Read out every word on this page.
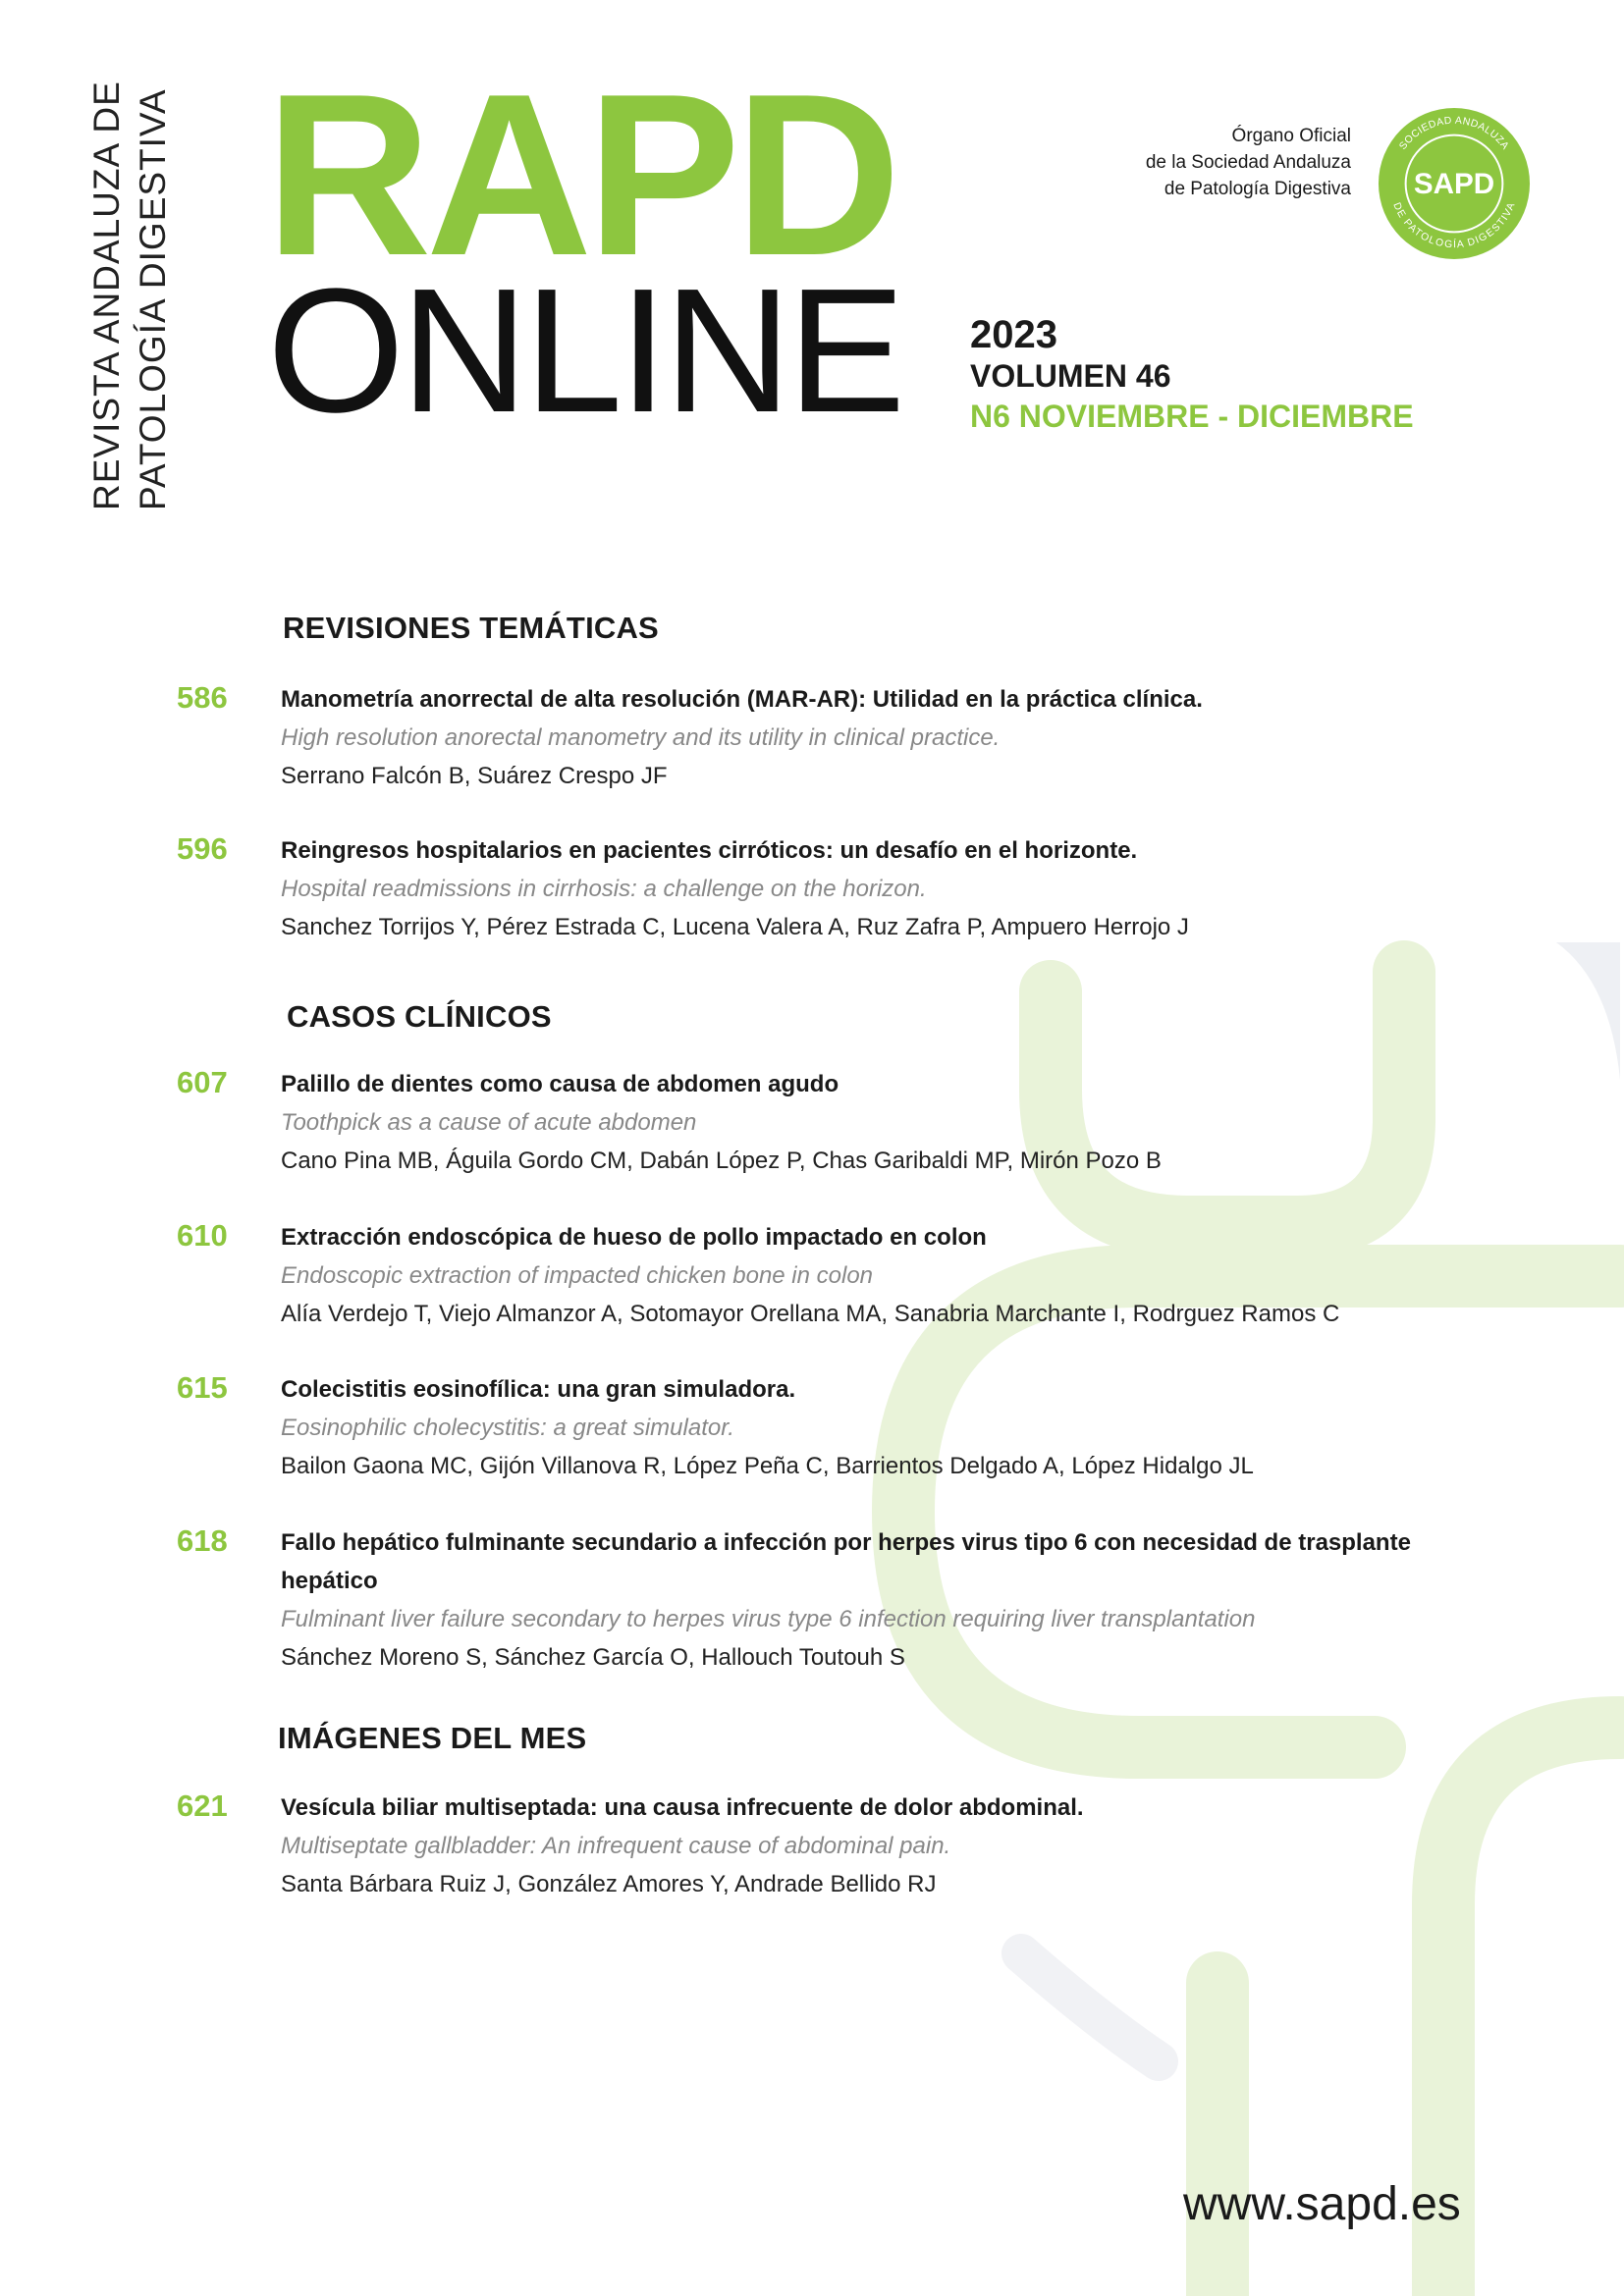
REVISTA ANDALUZA DE PATOLOGÍA DIGESTIVA RAPD
ONLINE
Órgano Oficial
de la Sociedad Andaluza
de Patología Digestiva
SOCIEDAD ANDALUZA
DE PATOLOGÍA DIGESTIVA
SAPD
2023
VOLUMEN 46
N6 NOVIEMBRE - DICIEMBRE
REVISIONES TEMÁTICAS
586 Manometría anorrectal de alta resolución (MAR-AR): Utilidad en la práctica clínica.
High resolution anorectal manometry and its utility in clinical practice.
Serrano Falcón B, Suárez Crespo JF
596 Reingresos hospitalarios en pacientes cirróticos: un desafío en el horizonte.
Hospital readmissions in cirrhosis: a challenge on the horizon.
Sanchez Torrijos Y, Pérez Estrada C, Lucena Valera A, Ruz Zafra P, Ampuero Herrojo J
CASOS CLÍNICOS
607 Palillo de dientes como causa de abdomen agudo
Toothpick as a cause of acute abdomen
Cano Pina MB, Águila Gordo CM, Dabán López P, Chas Garibaldi MP, Mirón Pozo B
610 Extracción endoscópica de hueso de pollo impactado en colon
Endoscopic extraction of impacted chicken bone in colon
Alía Verdejo T, Viejo Almanzor A, Sotomayor Orellana MA, Sanabria Marchante I, Rodrguez Ramos C
615 Colecistitis eosinofílica: una gran simuladora.
Eosinophilic cholecystitis: a great simulator.
Bailon Gaona MC, Gijón Villanova R, López Peña C, Barrientos Delgado A, López Hidalgo JL
618 Fallo hepático fulminante secundario a infección por herpes virus tipo 6 con necesidad de trasplante hepático
Fulminant liver failure secondary to herpes virus type 6 infection requiring liver transplantation
Sánchez Moreno S, Sánchez García O, Hallouch Toutouh S
IMÁGENES DEL MES
621 Vesícula biliar multiseptada: una causa infrecuente de dolor abdominal.
Multiseptate gallbladder: An infrequent cause of abdominal pain.
Santa Bárbara Ruiz J, González Amores Y, Andrade Bellido RJ
www.sapd.es
